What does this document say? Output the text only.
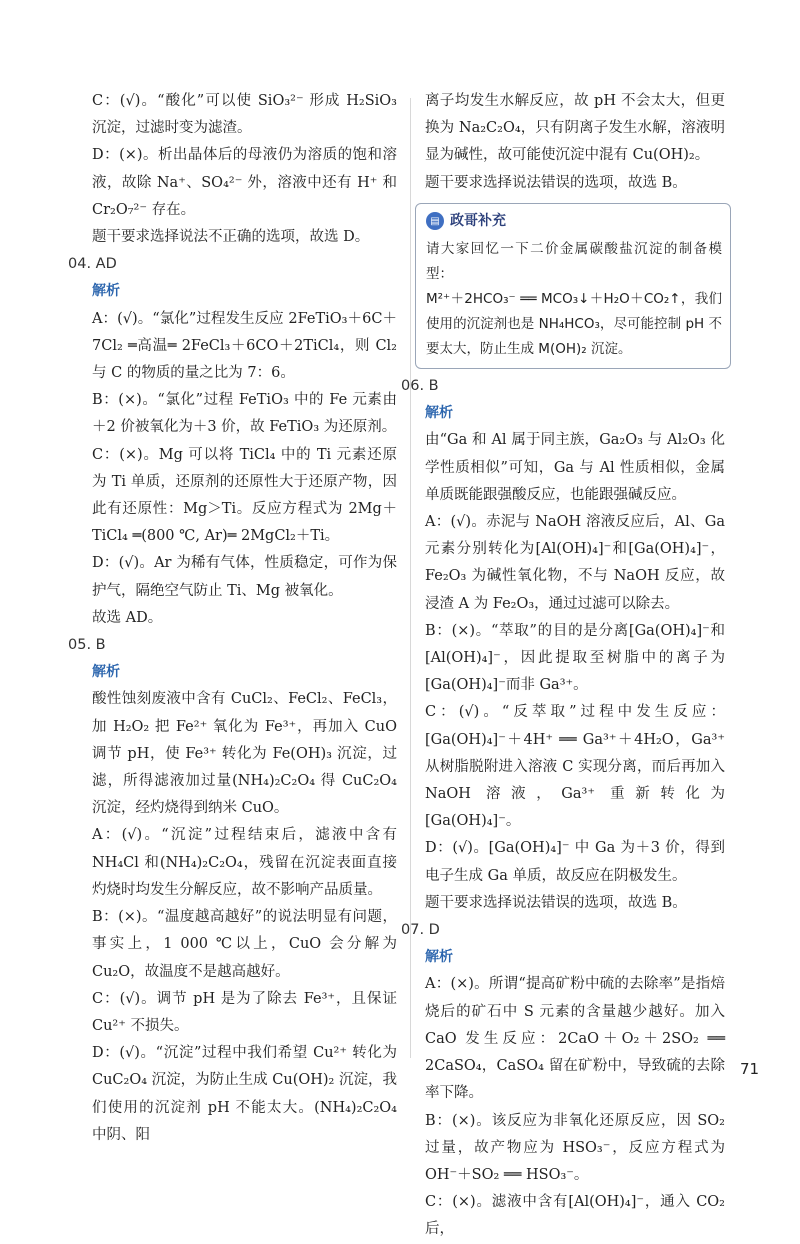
C：(√)。“酸化”可以使 SiO₃²⁻ 形成 H₂SiO₃ 沉淀，过滤时变为滤渣。
D：(×)。析出晶体后的母液仍为溶质的饱和溶液，故除 Na⁺、SO₄²⁻ 外，溶液中还有 H⁺ 和 Cr₂O₇²⁻ 存在。
题干要求选择说法不正确的选项，故选 D。
04. AD
解析
A：(√)。“氯化”过程发生反应 2FeTiO₃＋6C＋7Cl₂ ═高温═ 2FeCl₃＋6CO＋2TiCl₄，则 Cl₂ 与 C 的物质的量之比为 7：6。
B：(×)。“氯化”过程 FeTiO₃ 中的 Fe 元素由＋2 价被氧化为＋3 价，故 FeTiO₃ 为还原剂。
C：(×)。Mg 可以将 TiCl₄ 中的 Ti 元素还原为 Ti 单质，还原剂的还原性大于还原产物，因此有还原性：Mg＞Ti。反应方程式为 2Mg＋TiCl₄ ═(800 ℃, Ar)═ 2MgCl₂＋Ti。
D：(√)。Ar 为稀有气体，性质稳定，可作为保护气，隔绝空气防止 Ti、Mg 被氧化。
故选 AD。
05. B
解析
酸性蚀刻废液中含有 CuCl₂、FeCl₂、FeCl₃，加 H₂O₂ 把 Fe²⁺ 氧化为 Fe³⁺，再加入 CuO 调节 pH，使 Fe³⁺ 转化为 Fe(OH)₃ 沉淀，过滤，所得滤液加过量(NH₄)₂C₂O₄ 得 CuC₂O₄ 沉淀，经灼烧得到纳米 CuO。
A：(√)。“沉淀”过程结束后，滤液中含有 NH₄Cl 和(NH₄)₂C₂O₄，残留在沉淀表面直接灼烧时均发生分解反应，故不影响产品质量。
B：(×)。“温度越高越好”的说法明显有问题，事实上，1 000 ℃以上，CuO 会分解为 Cu₂O，故温度不是越高越好。
C：(√)。调节 pH 是为了除去 Fe³⁺，且保证 Cu²⁺ 不损失。
D：(√)。“沉淀”过程中我们希望 Cu²⁺ 转化为 CuC₂O₄ 沉淀，为防止生成 Cu(OH)₂ 沉淀，我们使用的沉淀剂 pH 不能太大。(NH₄)₂C₂O₄ 中阴、阳
离子均发生水解反应，故 pH 不会太大，但更换为 Na₂C₂O₄，只有阴离子发生水解，溶液明显为碱性，故可能使沉淀中混有 Cu(OH)₂。
题干要求选择说法错误的选项，故选 B。
▤ 政哥补充
请大家回忆一下二价金属碳酸盐沉淀的制备模型：
M²⁺＋2HCO₃⁻ ══ MCO₃↓＋H₂O＋CO₂↑，我们使用的沉淀剂也是 NH₄HCO₃，尽可能控制 pH 不要太大，防止生成 M(OH)₂ 沉淀。
06. B
解析
由“Ga 和 Al 属于同主族，Ga₂O₃ 与 Al₂O₃ 化学性质相似”可知，Ga 与 Al 性质相似，金属单质既能跟强酸反应，也能跟强碱反应。
A：(√)。赤泥与 NaOH 溶液反应后，Al、Ga 元素分别转化为[Al(OH)₄]⁻和[Ga(OH)₄]⁻，Fe₂O₃ 为碱性氧化物，不与 NaOH 反应，故浸渣 A 为 Fe₂O₃，通过过滤可以除去。
B：(×)。“萃取”的目的是分离[Ga(OH)₄]⁻和[Al(OH)₄]⁻，因此提取至树脂中的离子为[Ga(OH)₄]⁻而非 Ga³⁺。
C：(√)。“反萃取”过程中发生反应：[Ga(OH)₄]⁻＋4H⁺ ══ Ga³⁺＋4H₂O，Ga³⁺ 从树脂脱附进入溶液 C 实现分离，而后再加入 NaOH 溶液，Ga³⁺ 重新转化为[Ga(OH)₄]⁻。
D：(√)。[Ga(OH)₄]⁻ 中 Ga 为＋3 价，得到电子生成 Ga 单质，故反应在阴极发生。
题干要求选择说法错误的选项，故选 B。
07. D
解析
A：(×)。所谓“提高矿粉中硫的去除率”是指焙烧后的矿石中 S 元素的含量越少越好。加入 CaO 发生反应：2CaO＋O₂＋2SO₂ ══ 2CaSO₄，CaSO₄ 留在矿粉中，导致硫的去除率下降。
B：(×)。该反应为非氧化还原反应，因 SO₂ 过量，故产物应为 HSO₃⁻，反应方程式为 OH⁻＋SO₂ ══ HSO₃⁻。
C：(×)。滤液中含有[Al(OH)₄]⁻，通入 CO₂ 后，
71
